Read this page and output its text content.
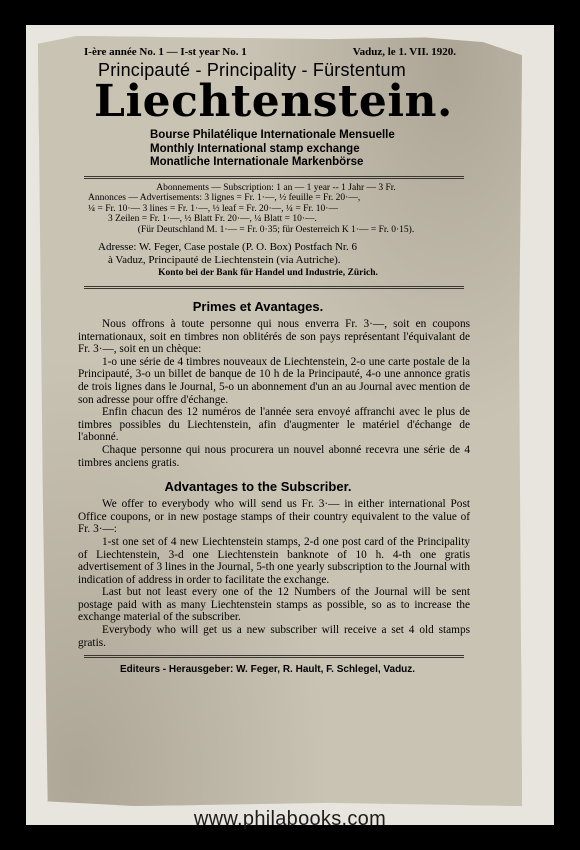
I-ère année No. 1 — I-st year No. 1	Vaduz, le 1. VII. 1920.
Principauté - Principality - Fürstentum
Liechtenstein.
Bourse Philatélique Internationale Mensuelle
Monthly International stamp exchange
Monatliche Internationale Markenbörse
Abonnements — Subscription: 1 an — 1 year -- 1 Jahr — 3 Fr.
Annonces — Advertisements: 3 lignes = Fr. 1·—, ½ feuille = Fr. 20·—,
¼ = Fr. 10·— 3 lines = Fr. 1·—, ½ leaf = Fr. 20·—, ¼ = Fr. 10·—
3 Zeilen = Fr. 1·—, ½ Blatt Fr. 20·—, ¼ Blatt = 10·—.
(Für Deutschland M. 1·— = Fr. 0·35; für Oesterreich K 1·— = Fr. 0·15).
Adresse: W. Feger, Case postale (P. O. Box) Postfach Nr. 6
à Vaduz, Principauté de Liechtenstein (via Autriche).
Konto bei der Bank für Handel und Industrie, Zürich.
Primes et Avantages.
Nous offrons à toute personne qui nous enverra Fr. 3·—, soit en coupons internationaux, soit en timbres non oblitérés de son pays représentant l'équivalant de Fr. 3·—, soit en un chèque:
1-o une série de 4 timbres nouveaux de Liechtenstein, 2-o une carte postale de la Principauté, 3-o un billet de banque de 10 h de la Principauté, 4-o une annonce gratis de trois lignes dans le Journal, 5-o un abonnement d'un an au Journal avec mention de son adresse pour offre d'échange.
Enfin chacun des 12 numéros de l'année sera envoyé affranchi avec le plus de timbres possibles du Liechtenstein, afin d'augmenter le matériel d'échange de l'abonné.
Chaque personne qui nous procurera un nouvel abonné recevra une série de 4 timbres anciens gratis.
Advantages to the Subscriber.
We offer to everybody who will send us Fr. 3·— in either international Post Office coupons, or in new postage stamps of their country equivalent to the value of Fr. 3·—:
1-st one set of 4 new Liechtenstein stamps, 2-d one post card of the Principality of Liechtenstein, 3-d one Liechtenstein banknote of 10 h. 4-th one gratis advertisement of 3 lines in the Journal, 5-th one yearly subscription to the Journal with indication of address in order to facilitate the exchange.
Last but not least every one of the 12 Numbers of the Journal will be sent postage paid with as many Liechtenstein stamps as possible, so as to increase the exchange material of the subscriber.
Everybody who will get us a new subscriber will receive a set 4 old stamps gratis.
Editeurs - Herausgeber: W. Feger, R. Hault, F. Schlegel, Vaduz.
www.philabooks.com
